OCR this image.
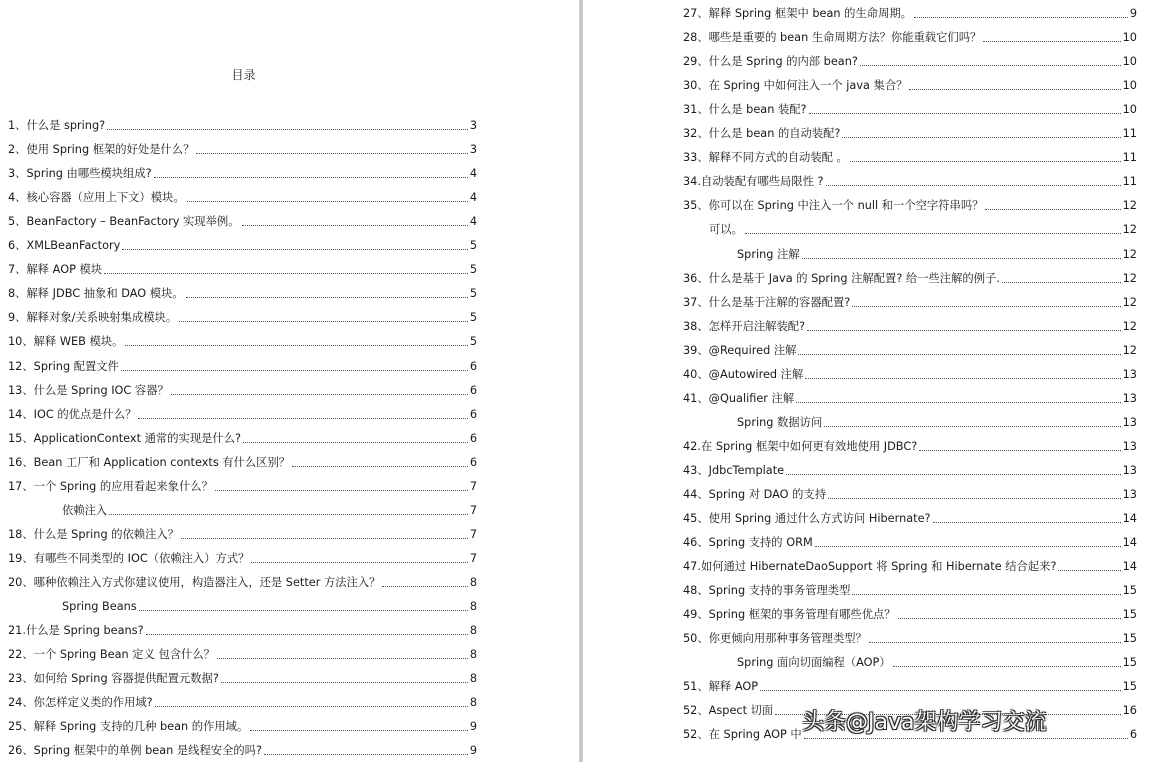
目录
1、什么是 spring?	3
2、使用 Spring 框架的好处是什么？	3
3、Spring 由哪些模块组成?	4
4、核心容器（应用上下文）模块。	4
5、BeanFactory – BeanFactory 实现举例。	4
6、XMLBeanFactory	5
7、解释 AOP 模块	5
8、解释 JDBC 抽象和 DAO 模块。	5
9、解释对象/关系映射集成模块。	5
10、解释 WEB 模块。	5
12、Spring 配置文件	6
13、什么是 Spring IOC 容器？	6
14、IOC 的优点是什么？	6
15、ApplicationContext 通常的实现是什么?	6
16、Bean 工厂和 Application contexts 有什么区别？	6
17、一个 Spring 的应用看起来象什么？	7
依赖注入	7
18、什么是 Spring 的依赖注入？	7
19、有哪些不同类型的 IOC（依赖注入）方式？	7
20、哪种依赖注入方式你建议使用，构造器注入，还是 Setter 方法注入？	8
Spring Beans	8
21.什么是 Spring beans?	8
22、一个 Spring Bean 定义 包含什么？	8
23、如何给 Spring 容器提供配置元数据?	8
24、你怎样定义类的作用域?	8
25、解释 Spring 支持的几种 bean 的作用域。	9
26、Spring 框架中的单例 bean 是线程安全的吗?	9
27、解释 Spring 框架中 bean 的生命周期。	9
28、哪些是重要的 bean 生命周期方法？你能重载它们吗？	10
29、什么是 Spring 的内部 bean?	10
30、在 Spring 中如何注入一个 java 集合？	10
31、什么是 bean 装配?	10
32、什么是 bean 的自动装配?	11
33、解释不同方式的自动装配 。	11
34.自动装配有哪些局限性 ?	11
35、你可以在 Spring 中注入一个 null 和一个空字符串吗？	12
可以。	12
Spring 注解	12
36、什么是基于 Java 的 Spring 注解配置? 给一些注解的例子.	12
37、什么是基于注解的容器配置?	12
38、怎样开启注解装配?	12
39、@Required 注解	12
40、@Autowired 注解	13
41、@Qualifier 注解	13
Spring 数据访问	13
42.在 Spring 框架中如何更有效地使用 JDBC?	13
43、JdbcTemplate	13
44、Spring 对 DAO 的支持	13
45、使用 Spring 通过什么方式访问 Hibernate?	14
46、Spring 支持的 ORM	14
47.如何通过 HibernateDaoSupport 将 Spring 和 Hibernate 结合起来?	14
48、Spring 支持的事务管理类型	15
49、Spring 框架的事务管理有哪些优点？	15
50、你更倾向用那种事务管理类型？	15
Spring 面向切面编程（AOP）	15
51、解释 AOP	15
52、Aspect 切面	16
52、在 Spring AOP 中	6
头条@Java架构学习交流
